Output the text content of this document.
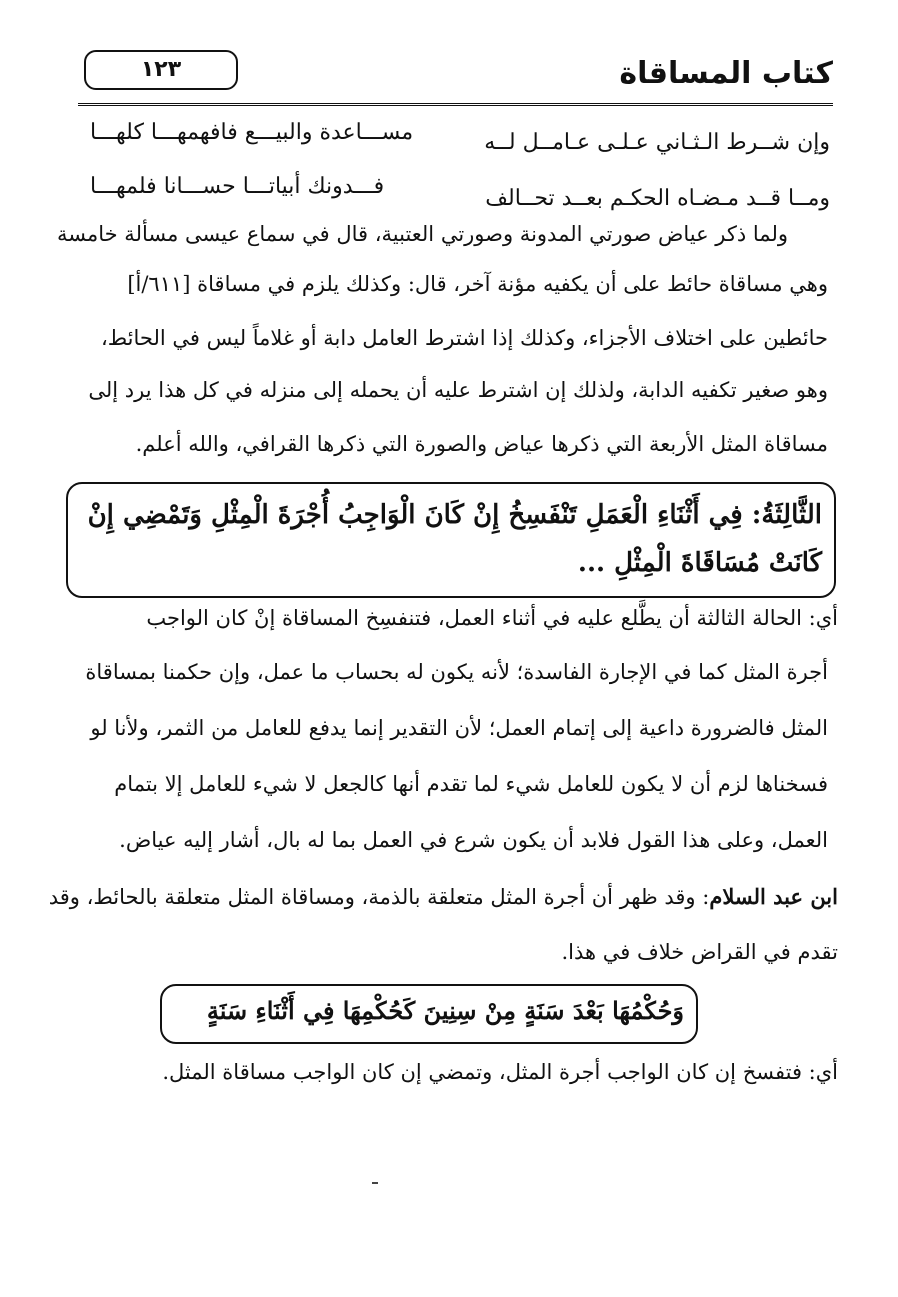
كتاب المساقاة
١٢٣
وإن شــرط الـثـاني عـلـى عـامــل لــه
مســـاعدة والبيـــع فافهمهـــا كلهـــا
ومــا قــد مـضـاه الحكـم بعــد تحــالف
فـــدونك أبياتـــا حســـانا فلمهـــا
ولما ذكر عياض صورتي المدونة وصورتي العتبية، قال في سماع عيسى مسألة خامسة
وهي مساقاة حائط على أن يكفيه مؤنة آخر، قال: وكذلك يلزم في مساقاة [٦١١/أ]
حائطين على اختلاف الأجزاء، وكذلك إذا اشترط العامل دابة أو غلاماً ليس في الحائط،
وهو صغير تكفيه الدابة، ولذلك إن اشترط عليه أن يحمله إلى منزله في كل هذا يرد إلى
مساقاة المثل الأربعة التي ذكرها عياض والصورة التي ذكرها القرافي، والله أعلم.
الثَّالِثَةُ: فِي أَثْنَاءِ الْعَمَلِ تَنْفَسِخُ إِنْ كَانَ الْوَاجِبُ أُجْرَةَ الْمِثْلِ وَتَمْضِي إِنْ
كَانَتْ مُسَاقَاةَ الْمِثْلِ ...
أي: الحالة الثالثة أن يطَّلع عليه في أثناء العمل، فتنفسِخ المساقاة إنْ كان الواجب
أجرة المثل كما في الإجارة الفاسدة؛ لأنه يكون له بحساب ما عمل، وإن حكمنا بمساقاة
المثل فالضرورة داعية إلى إتمام العمل؛ لأن التقدير إنما يدفع للعامل من الثمر، ولأنا لو
فسخناها لزم أن لا يكون للعامل شيء لما تقدم أنها كالجعل لا شيء للعامل إلا بتمام
العمل، وعلى هذا القول فلابد أن يكون شرع في العمل بما له بال، أشار إليه عياض.
ابن عبد السلام: وقد ظهر أن أجرة المثل متعلقة بالذمة، ومساقاة المثل متعلقة بالحائط، وقد
تقدم في القراض خلاف في هذا.
وَحُكْمُهَا بَعْدَ سَنَةٍ مِنْ سِنِينَ كَحُكْمِهَا فِي أَثْنَاءِ سَنَةٍ
أي: فتفسخ إن كان الواجب أجرة المثل، وتمضي إن كان الواجب مساقاة المثل.
